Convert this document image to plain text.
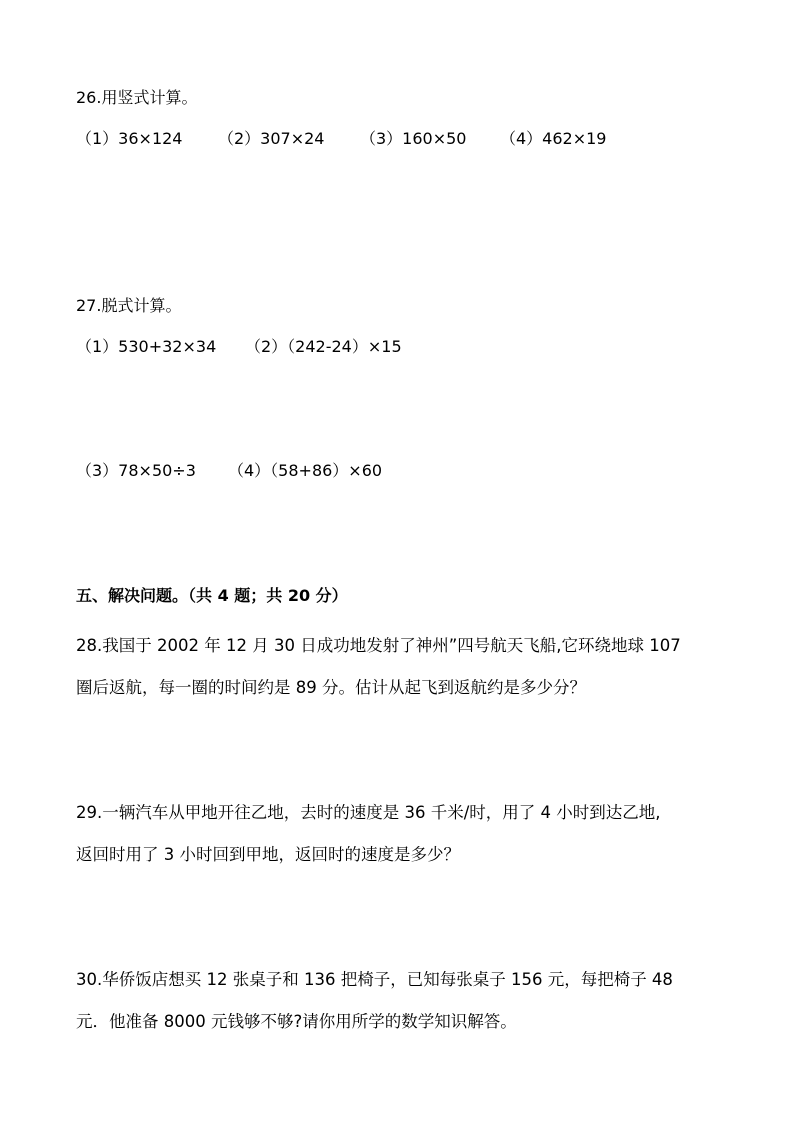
26.用竖式计算。
（1）36×124 （2）307×24 （3）160×50 （4）462×19
27.脱式计算。
（1）530+32×34 （2）（242-24）×15
（3）78×50÷3 （4）（58+86）×60
五、解决问题。（共 4 题；共 20 分）
28.我国于 2002 年 12 月 30 日成功地发射了神州”四号航天飞船,它环绕地球 107
圈后返航，每一圈的时间约是 89 分。估计从起飞到返航约是多少分？
29.一辆汽车从甲地开往乙地，去时的速度是 36 千米/时，用了 4 小时到达乙地,
返回时用了 3 小时回到甲地，返回时的速度是多少？
30.华侨饭店想买 12 张桌子和 136 把椅子，已知每张桌子 156 元，每把椅子 48
元．他准备 8000 元钱够不够?请你用所学的数学知识解答。
